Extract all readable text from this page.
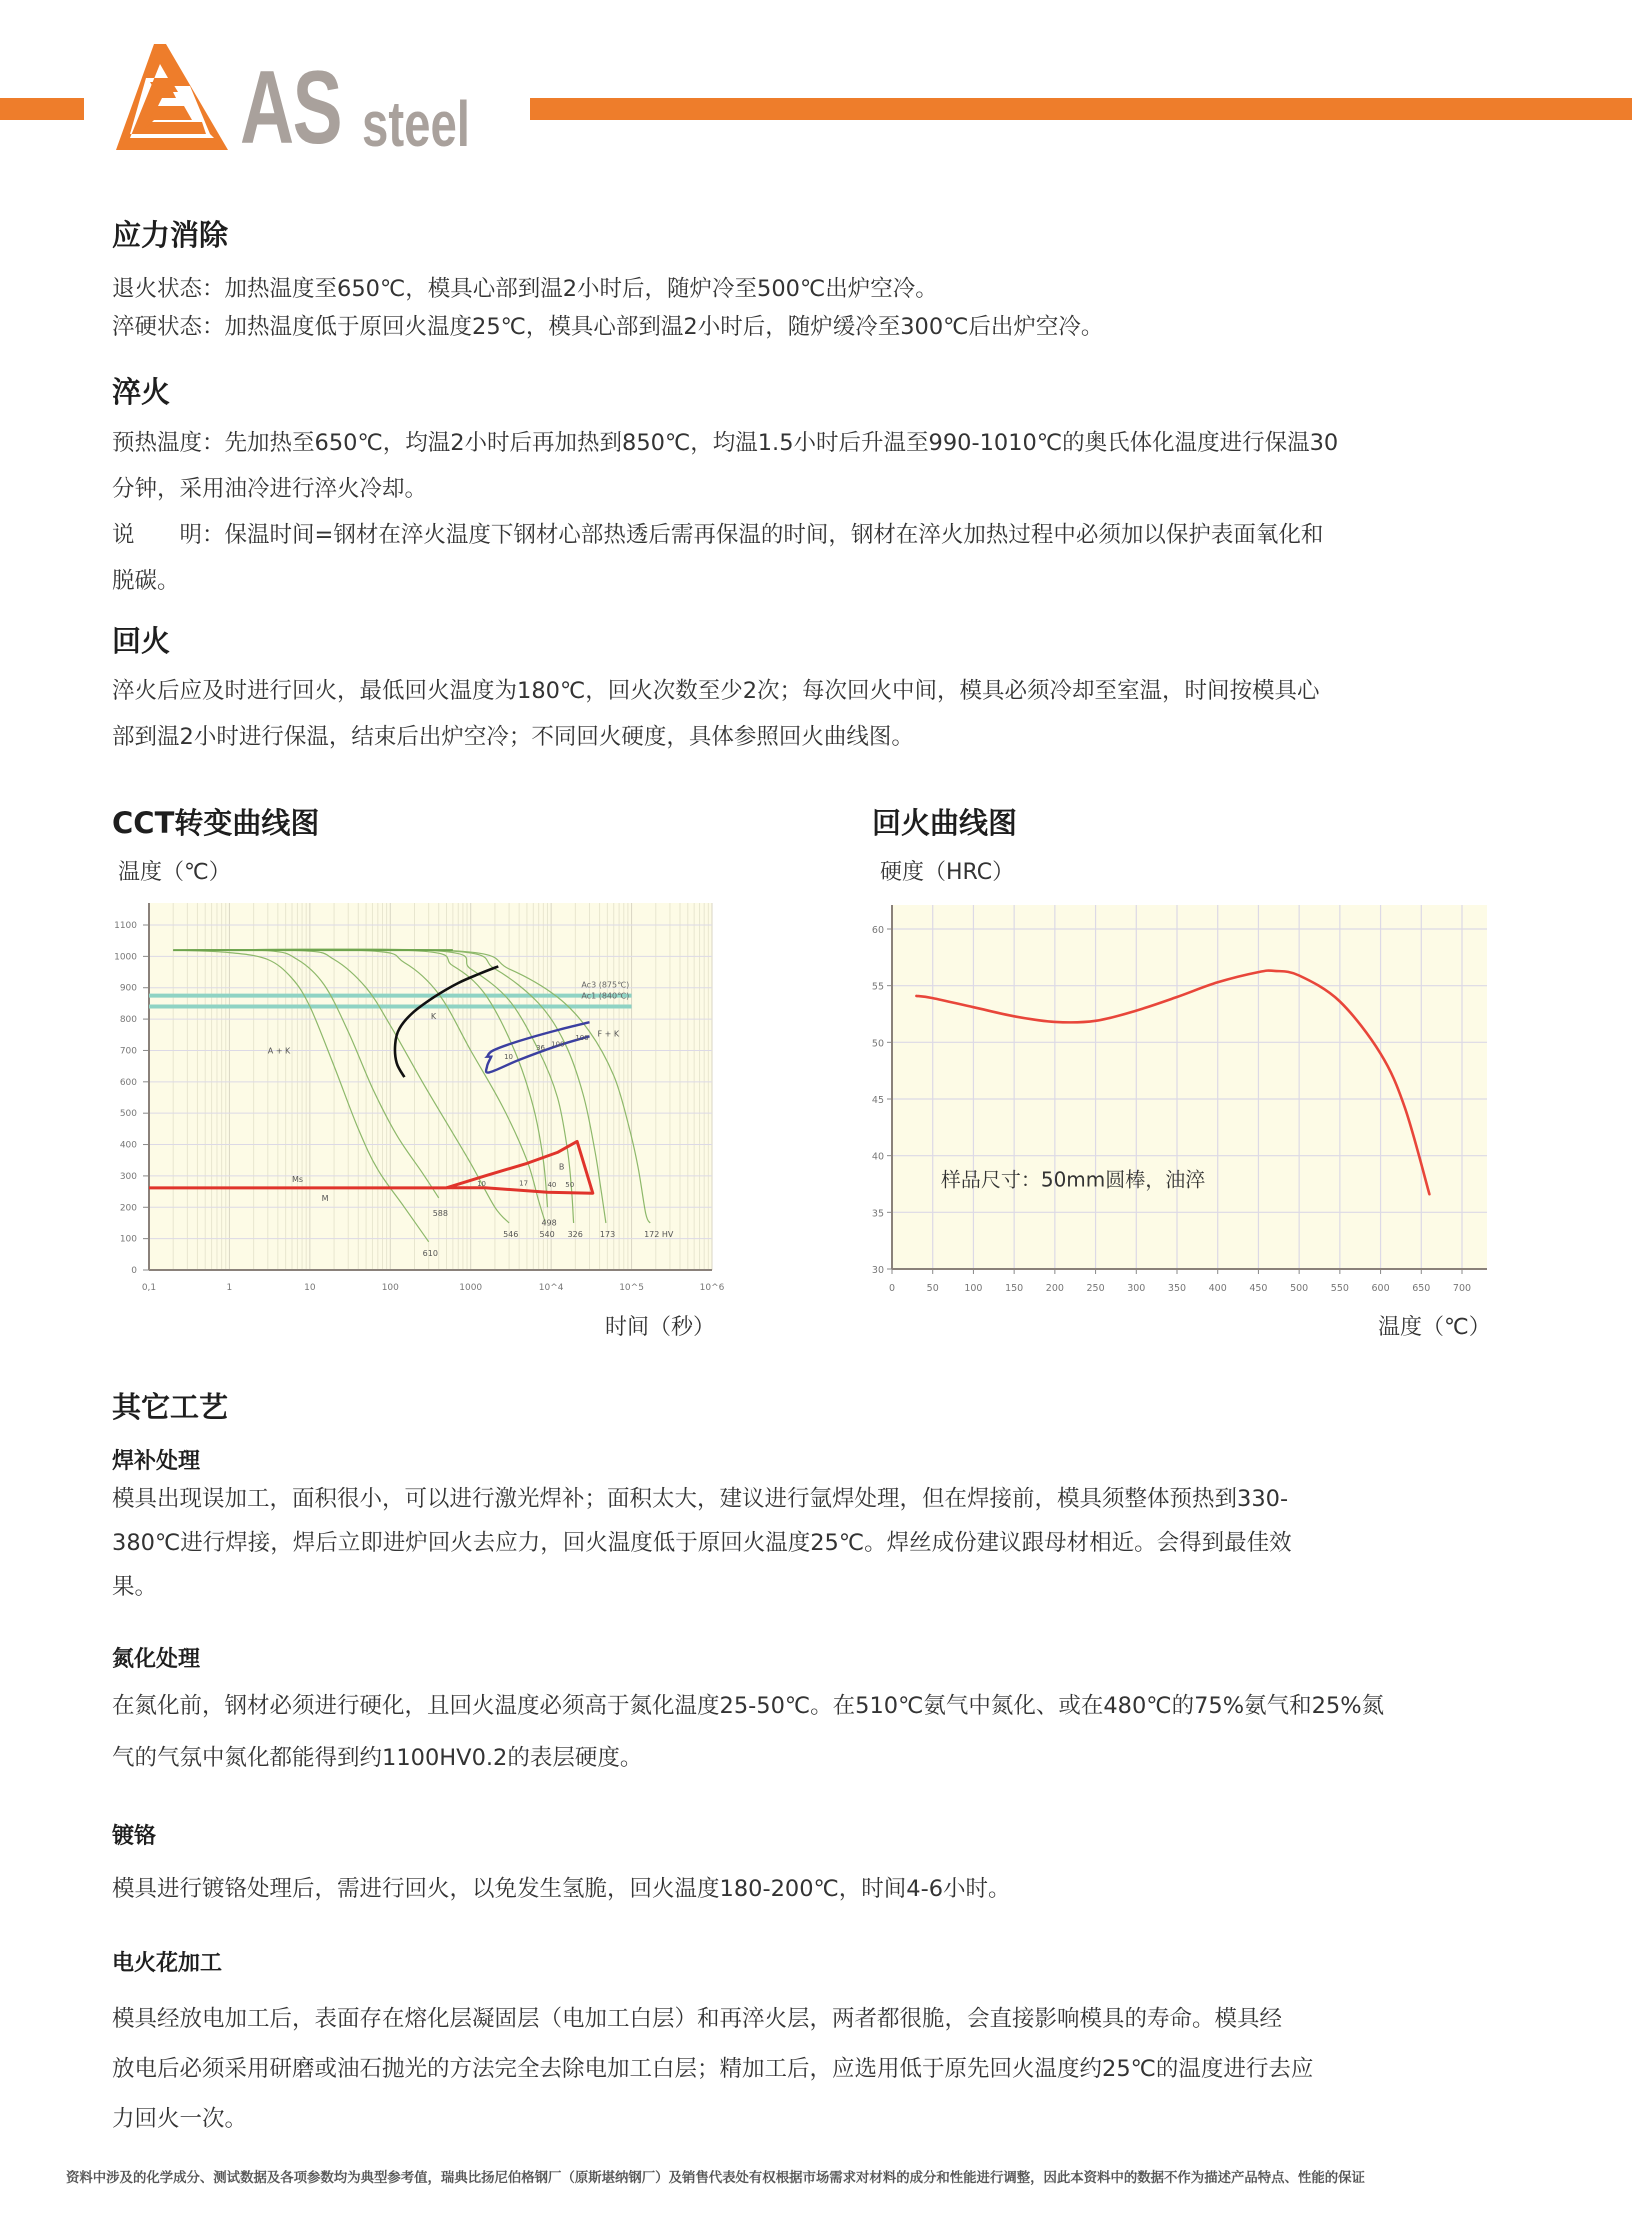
AS steel
应力消除
退火状态：加热温度至650℃，模具心部到温2小时后，随炉冷至500℃出炉空冷。
淬硬状态：加热温度低于原回火温度25℃，模具心部到温2小时后，随炉缓冷至300℃后出炉空冷。
淬火
预热温度：先加热至650℃，均温2小时后再加热到850℃，均温1.5小时后升温至990-1010℃的奥氏体化温度进行保温30
分钟，采用油冷进行淬火冷却。
说　　明：保温时间=钢材在淬火温度下钢材心部热透后需再保温的时间，钢材在淬火加热过程中必须加以保护表面氧化和
脱碳。
回火
淬火后应及时进行回火，最低回火温度为180℃，回火次数至少2次；每次回火中间，模具必须冷却至室温，时间按模具心
部到温2小时进行保温，结束后出炉空冷；不同回火硬度，具体参照回火曲线图。
CCT转变曲线图
温度（℃）
时间（秒）
0,1	1	10	100	1000	10^4	10^5	10^6
0
100
200
300
400
500
600
700
800
900
1000
1100
Ac3 (875℃)
Ac1 (840℃)
610
588
546	540
498
326 173	172 HV
10
36 100
100 F + K
Ms
10	17	40 50
B
A + K
K
M
回火曲线图
硬度（HRC）
温度（℃）
0	50	100 150 200 250 300 350 400 450 500 550 600 650 700
30
35
40
45
50
55
60
样品尺寸：50mm圆棒，油淬
其它工艺
焊补处理
模具出现误加工，面积很小，可以进行激光焊补；面积太大，建议进行氩焊处理，但在焊接前，模具须整体预热到330-
380℃进行焊接，焊后立即进炉回火去应力，回火温度低于原回火温度25℃。焊丝成份建议跟母材相近。会得到最佳效
果。
氮化处理
在氮化前，钢材必须进行硬化，且回火温度必须高于氮化温度25-50℃。在510℃氨气中氮化、或在480℃的75%氨气和25%氮
气的气氛中氮化都能得到约1100HV0.2的表层硬度。
镀铬
模具进行镀铬处理后，需进行回火，以免发生氢脆，回火温度180-200℃，时间4-6小时。
电火花加工
模具经放电加工后，表面存在熔化层凝固层（电加工白层）和再淬火层，两者都很脆，会直接影响模具的寿命。模具经
放电后必须采用研磨或油石抛光的方法完全去除电加工白层；精加工后，应选用低于原先回火温度约25℃的温度进行去应
力回火一次。
资料中涉及的化学成分、测试数据及各项参数均为典型参考值，瑞典比扬尼伯格钢厂（原斯堪纳钢厂）及销售代表处有权根据市场需求对材料的成分和性能进行调整，因此本资料中的数据不作为描述产品特点、性能的保证
